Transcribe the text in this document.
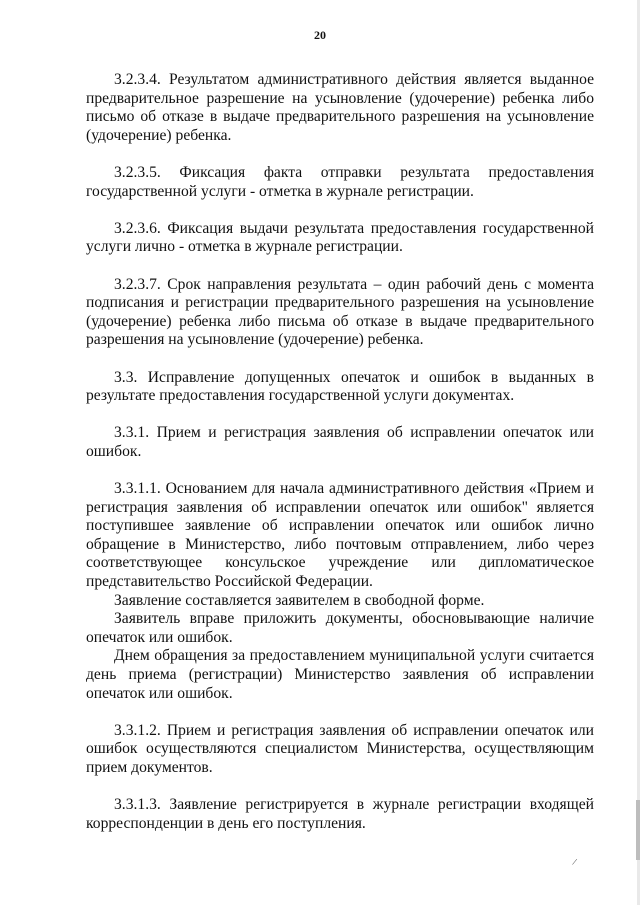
20

3.2.3.4. Результатом административного действия является выданное предварительное разрешение на усыновление (удочерение) ребенка либо письмо об отказе в выдаче предварительного разрешения на усыновление (удочерение) ребенка.

3.2.3.5. Фиксация факта отправки результата предоставления государственной услуги - отметка в журнале регистрации.

3.2.3.6. Фиксация выдачи результата предоставления государственной услуги лично - отметка в журнале регистрации.

3.2.3.7. Срок направления результата – один рабочий день с момента подписания и регистрации предварительного разрешения на усыновление (удочерение) ребенка либо письма об отказе в выдаче предварительного разрешения на усыновление (удочерение) ребенка.

3.3. Исправление допущенных опечаток и ошибок в выданных в результате предоставления государственной услуги документах.

3.3.1. Прием и регистрация заявления об исправлении опечаток или ошибок.

3.3.1.1. Основанием для начала административного действия «Прием и регистрация заявления об исправлении опечаток или ошибок" является поступившее заявление об исправлении опечаток или ошибок лично обращение в Министерство, либо почтовым отправлением, либо через соответствующее консульское учреждение или дипломатическое представительство Российской Федерации.

Заявление составляется заявителем в свободной форме.

Заявитель вправе приложить документы, обосновывающие наличие опечаток или ошибок.

Днем обращения за предоставлением муниципальной услуги считается день приема (регистрации) Министерство заявления об исправлении опечаток или ошибок.

3.3.1.2. Прием и регистрация заявления об исправлении опечаток или ошибок осуществляются специалистом Министерства, осуществляющим прием документов.

3.3.1.3. Заявление регистрируется в журнале регистрации входящей корреспонденции в день его поступления.

/
